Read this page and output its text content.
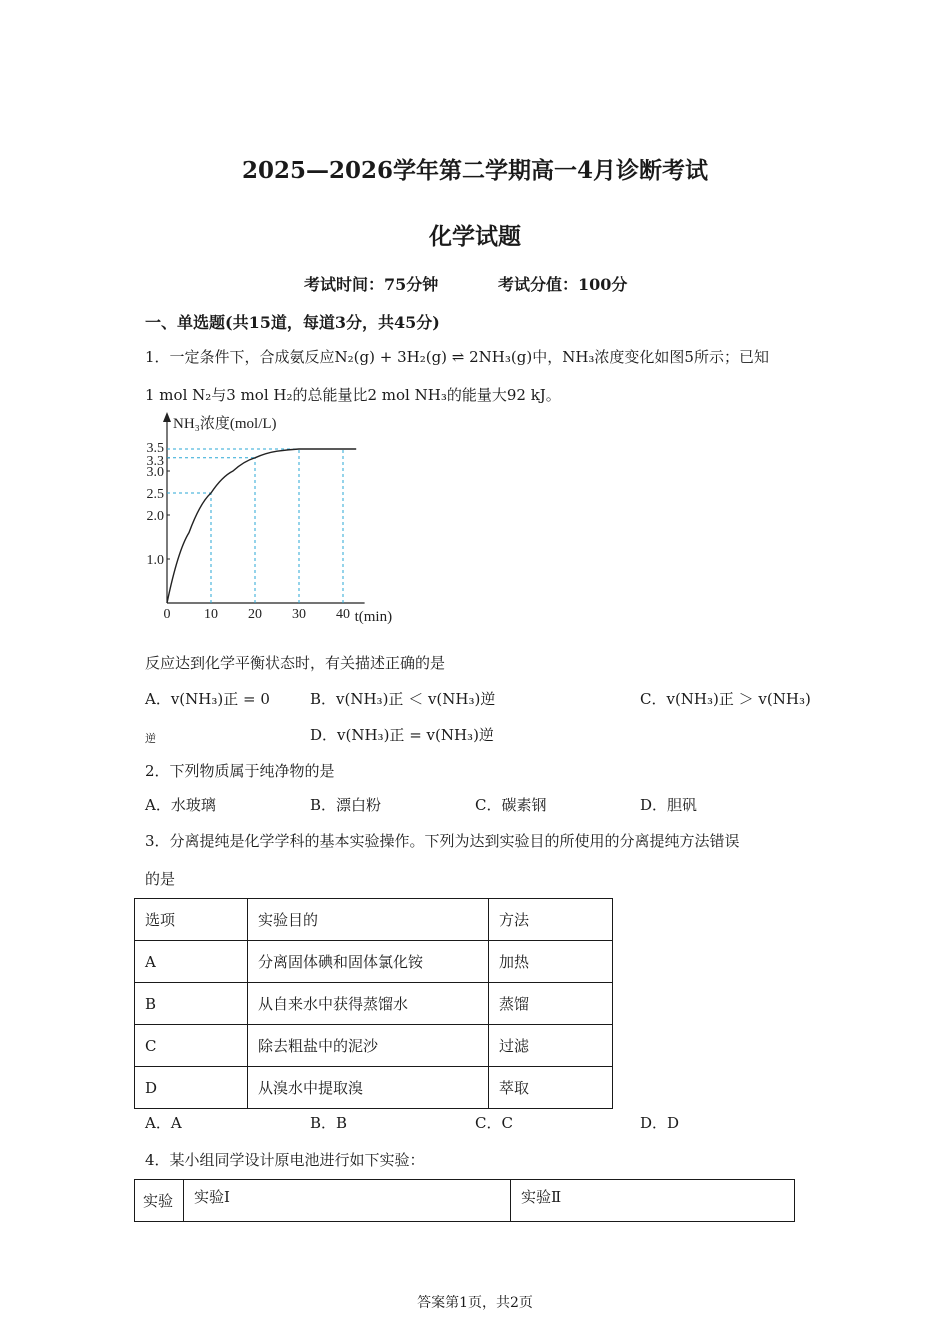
2025—2026学年第二学期高一4月诊断考试
化学试题
考试时间：75分钟	考试分值：100分
一、单选题(共15道，每道3分，共45分)
1．一定条件下，合成氨反应N₂(g) + 3H₂(g) ⇌ 2NH₃(g)中，NH₃浓度变化如图5所示；已知
1 mol N₂与3 mol H₂的总能量比2 mol NH₃的能量大92 kJ。
NH₃浓度(mol/L)
t(min)
0 10 20 30 40
1.0
2.0
2.5
3.0
3.3
3.5
反应达到化学平衡状态时，有关描述正确的是
A．v(NH₃)正 = 0	B．v(NH₃)正 ＜ v(NH₃)逆	C．v(NH₃)正 ＞ v(NH₃)
逆	D．v(NH₃)正 = v(NH₃)逆
2．下列物质属于纯净物的是
A．水玻璃	B．漂白粉	C．碳素钢	D．胆矾
3．分离提纯是化学学科的基本实验操作。下列为达到实验目的所使用的分离提纯方法错误
的是
选项	实验目的	方法
A	分离固体碘和固体氯化铵	加热
B	从自来水中获得蒸馏水	蒸馏
C	除去粗盐中的泥沙	过滤
D	从溴水中提取溴	萃取
A．A	B．B	C．C	D．D
4．某小组同学设计原电池进行如下实验：
实验	实验Ⅰ	实验Ⅱ
答案第1页，共2页
